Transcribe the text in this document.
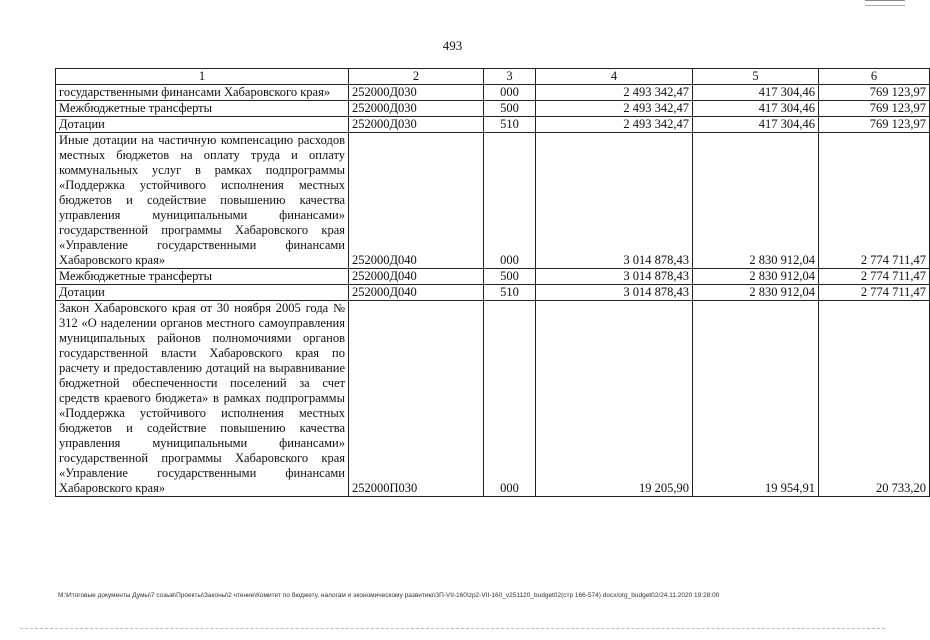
493
1	2	3	4	5	6
государственными финансами Хабаровского края»	252000Д030	000	2 493 342,47	417 304,46	769 123,97
Межбюджетные трансферты	252000Д030	500	2 493 342,47	417 304,46	769 123,97
Дотации	252000Д030	510	2 493 342,47	417 304,46	769 123,97
Иные дотации на частичную компенсацию расходов местных бюджетов на оплату труда и оплату коммунальных услуг в рамках подпрограммы «Поддержка устойчивого исполнения местных бюджетов и содействие повышению качества управления муниципальными финансами» государственной программы Хабаровского края «Управление государственными финансами Хабаровского края»	252000Д040	000	3 014 878,43	2 830 912,04	2 774 711,47
Межбюджетные трансферты	252000Д040	500	3 014 878,43	2 830 912,04	2 774 711,47
Дотации	252000Д040	510	3 014 878,43	2 830 912,04	2 774 711,47
Закон Хабаровского края от 30 ноября 2005 года № 312 «О наделении органов местного самоуправления муниципальных районов полномочиями органов государственной власти Хабаровского края по расчету и предоставлению дотаций на выравнивание бюджетной обеспеченности поселений за счет средств краевого бюджета» в рамках подпрограммы «Поддержка устойчивого исполнения местных бюджетов и содействие повышению качества управления муниципальными финансами» государственной программы Хабаровского края «Управление государственными финансами Хабаровского края»	252000П030	000	19 205,90	19 954,91	20 733,20
M:\Итоговые документы Думы\7 созыв\Проекты\Законы\2 чтение\Комитет по бюджету, налогам и экономическому развитию\ЗП-VII-160\zp2-VII-160_v251120_budget02(стр 166-574) docx/org_budget02/24.11.2020 19:28:00
